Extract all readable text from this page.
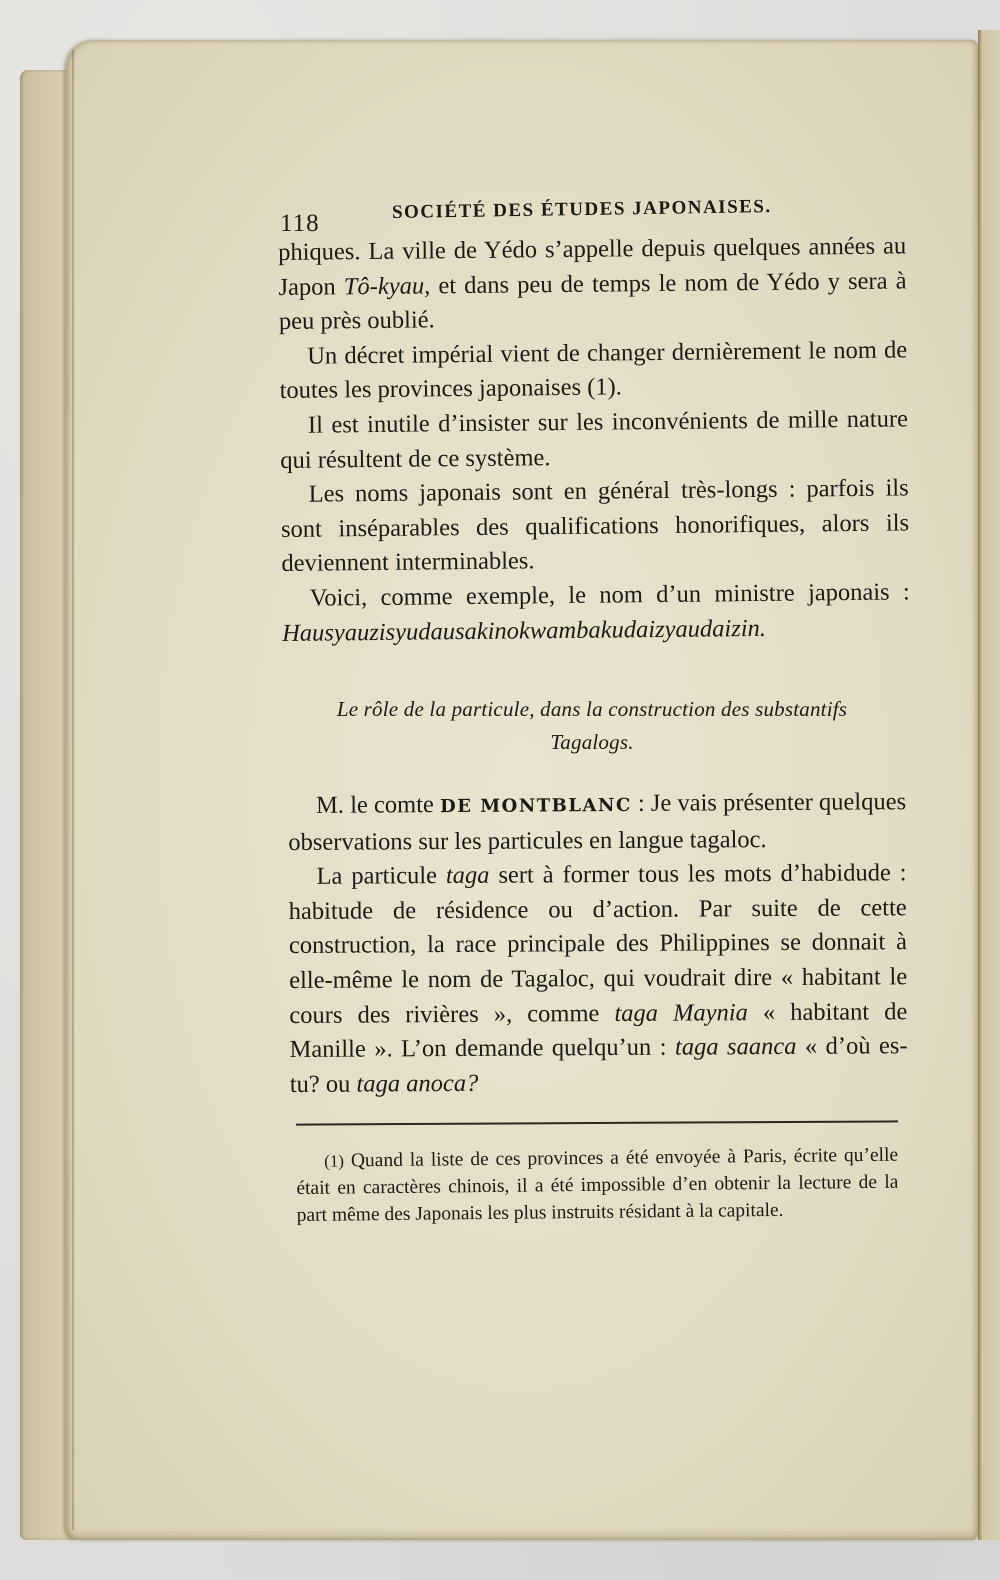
118
SOCIÉTÉ DES ÉTUDES JAPONAISES.

phiques. La ville de Yédo s’appelle depuis quelques années au Japon Tô-kyau, et dans peu de temps le nom de Yédo y sera à peu près oublié.

Un décret impérial vient de changer dernièrement le nom de toutes les provinces japonaises (1).

Il est inutile d’insister sur les inconvénients de mille nature qui résultent de ce système.

Les noms japonais sont en général très-longs : parfois ils sont inséparables des qualifications honorifiques, alors ils deviennent interminables.

Voici, comme exemple, le nom d’un ministre japonais : Hausyauzisyudausakinokwambakudaizyaudaizin.

Le rôle de la particule, dans la construction des substantifs
Tagalogs.

M. le comte DE MONTBLANC : Je vais présenter quelques observations sur les particules en langue tagaloc.

La particule taga sert à former tous les mots d’habidude : habitude de résidence ou d’action. Par suite de cette construction, la race principale des Philippines se donnait à elle-même le nom de Tagaloc, qui voudrait dire « habitant le cours des rivières », comme taga Maynia « habitant de Manille ». L’on demande quelqu’un : taga saanca « d’où es-tu? ou taga anoca?

(1) Quand la liste de ces provinces a été envoyée à Paris, écrite qu’elle était en caractères chinois, il a été impossible d’en obtenir la lecture de la part même des Japonais les plus instruits résidant à la capitale.
